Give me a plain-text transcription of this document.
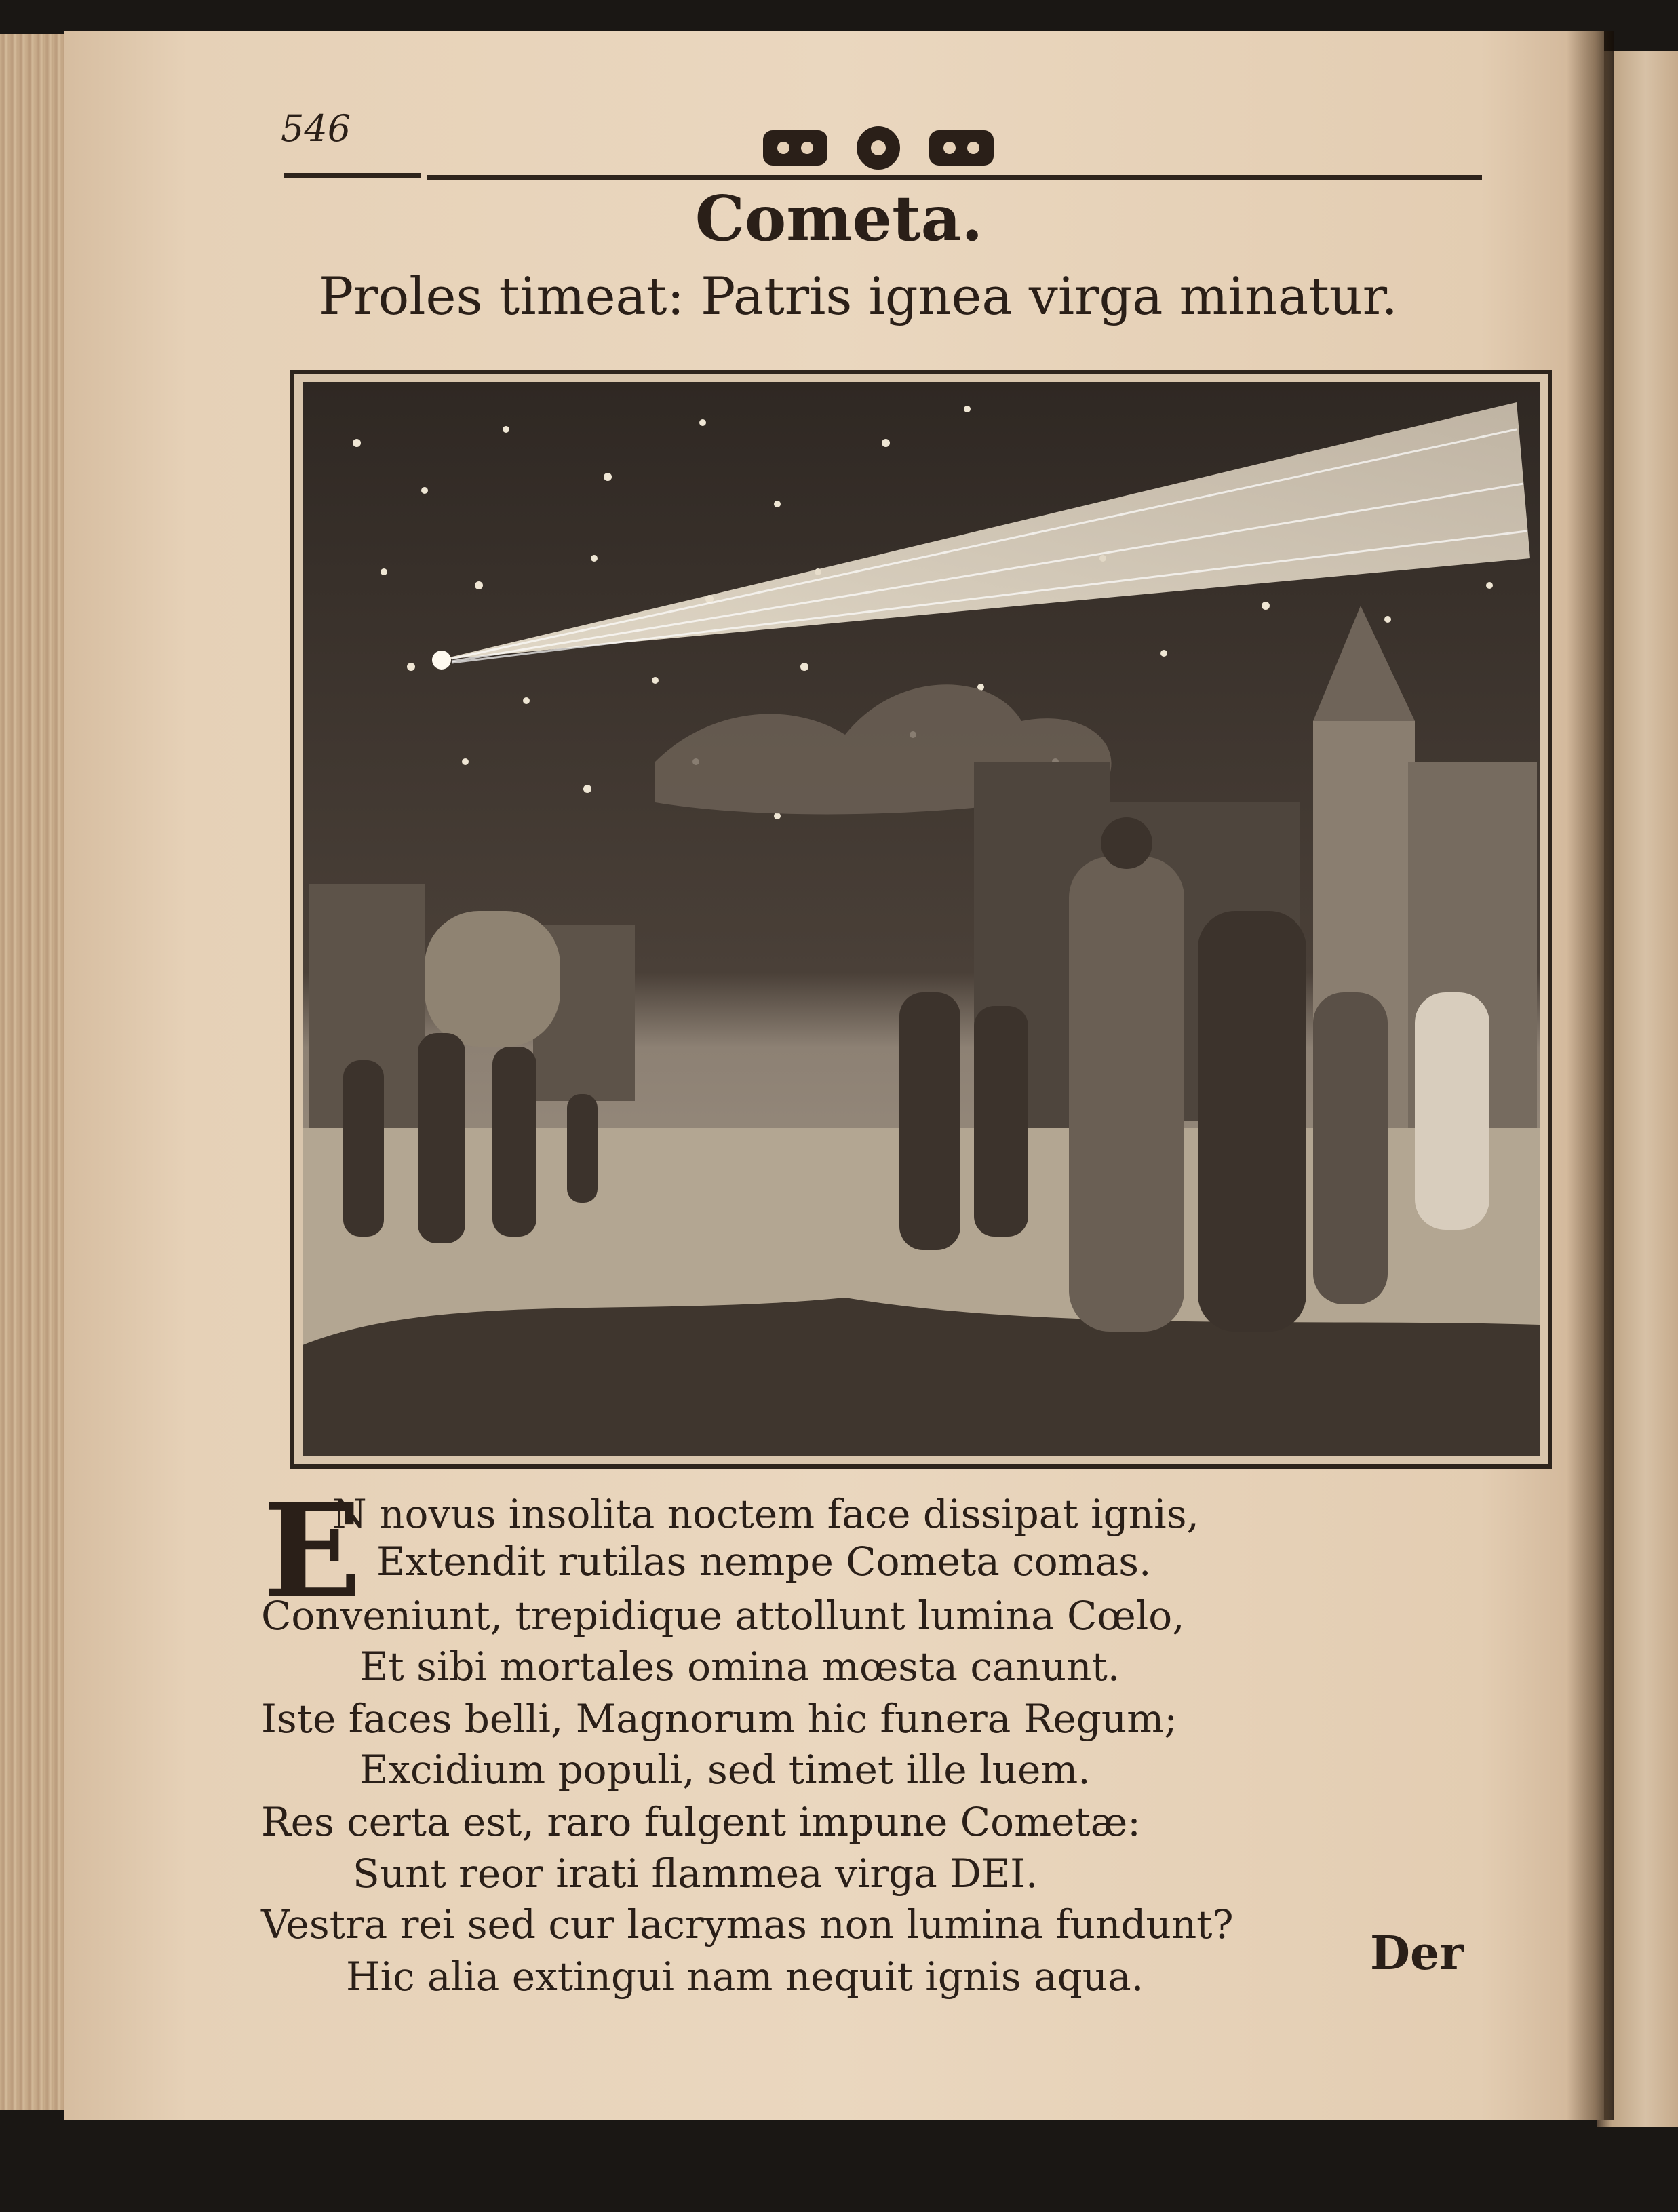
546
Cometa.
Proles timeat: Patris ignea virga minatur.
E
N novus insolita noctem face dissipat ignis,
Extendit rutilas nempe Cometa comas.
Conveniunt, trepidique attollunt lumina Cœlo,
Et sibi mortales omina mœsta canunt.
Iste faces belli, Magnorum hic funera Regum;
Excidium populi, sed timet ille luem.
Res certa est, raro fulgent impune Cometæ:
Sunt reor irati flammea virga DEI.
Vestra rei sed cur lacrymas non lumina fundunt?
Hic alia extingui nam nequit ignis aqua.	Der
